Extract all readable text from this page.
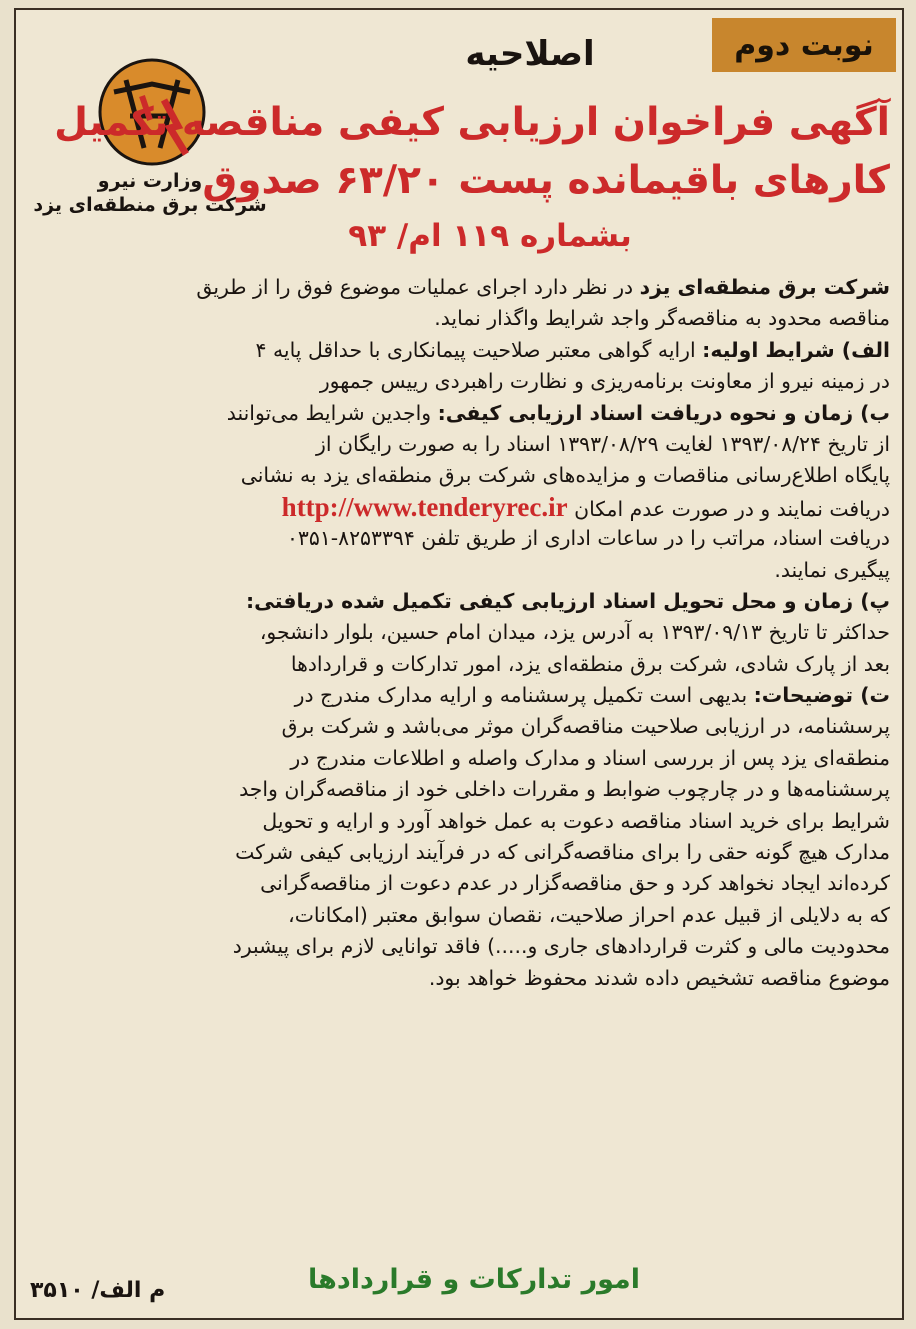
نوبت دوم
اصلاحیه
وزارت نیرو
شرکت برق منطقه‌ای یزد
آگهی فراخوان ارزیابی کیفی مناقصه تکمیل
کارهای باقیمانده پست ۶۳/۲۰ صدوق
بشماره ۱۱۹ ام/ ۹۳
شرکت برق منطقه‌ای یزد در نظر دارد اجرای عملیات موضوع فوق را از طریق
مناقصه محدود به مناقصه‌گر واجد شرایط واگذار نماید.
الف) شرایط اولیه: ارایه گواهی معتبر صلاحیت پیمانکاری با حداقل پایه ۴
در زمینه نیرو از معاونت برنامه‌ریزی و نظارت راهبردی رییس جمهور
ب) زمان و نحوه دریافت اسناد ارزیابی کیفی: واجدین شرایط می‌توانند
از تاریخ ۱۳۹۳/۰۸/۲۴ لغایت ۱۳۹۳/۰۸/۲۹ اسناد را به صورت رایگان از
پایگاه اطلاع‌رسانی مناقصات و مزایده‌های شرکت برق منطقه‌ای یزد به نشانی
دریافت نمایند و در صورت عدم امکان http://www.tenderyrec.ir
دریافت اسناد، مراتب را در ساعات اداری از طریق تلفن ۸۲۵۳۳۹۴-۰۳۵۱
پیگیری نمایند.
پ) زمان و محل تحویل اسناد ارزیابی کیفی تکمیل شده دریافتی:
حداکثر تا تاریخ ۱۳۹۳/۰۹/۱۳ به آدرس یزد، میدان امام حسین، بلوار دانشجو،
بعد از پارک شادی، شرکت برق منطقه‌ای یزد، امور تدارکات و قراردادها
ت) توضیحات: بدیهی است تکمیل پرسشنامه و ارایه مدارک مندرج در
پرسشنامه، در ارزیابی صلاحیت مناقصه‌گران موثر می‌باشد و شرکت برق
منطقه‌ای یزد پس از بررسی اسناد و مدارک واصله و اطلاعات مندرج در
پرسشنامه‌ها و در چارچوب ضوابط و مقررات داخلی خود از مناقصه‌گران واجد
شرایط برای خرید اسناد مناقصه دعوت به عمل خواهد آورد و ارایه و تحویل
مدارک هیچ گونه حقی را برای مناقصه‌گرانی که در فرآیند ارزیابی کیفی شرکت
کرده‌اند ایجاد نخواهد کرد و حق مناقصه‌گزار در عدم دعوت از مناقصه‌گرانی
که به دلایلی از قبیل عدم احراز صلاحیت، نقصان سوابق معتبر (امکانات،
محدودیت مالی و کثرت قراردادهای جاری و.....) فاقد توانایی لازم برای پیشبرد
موضوع مناقصه تشخیص داده شدند محفوظ خواهد بود.
م الف/ ۳۵۱۰	امور تدارکات و قراردادها
